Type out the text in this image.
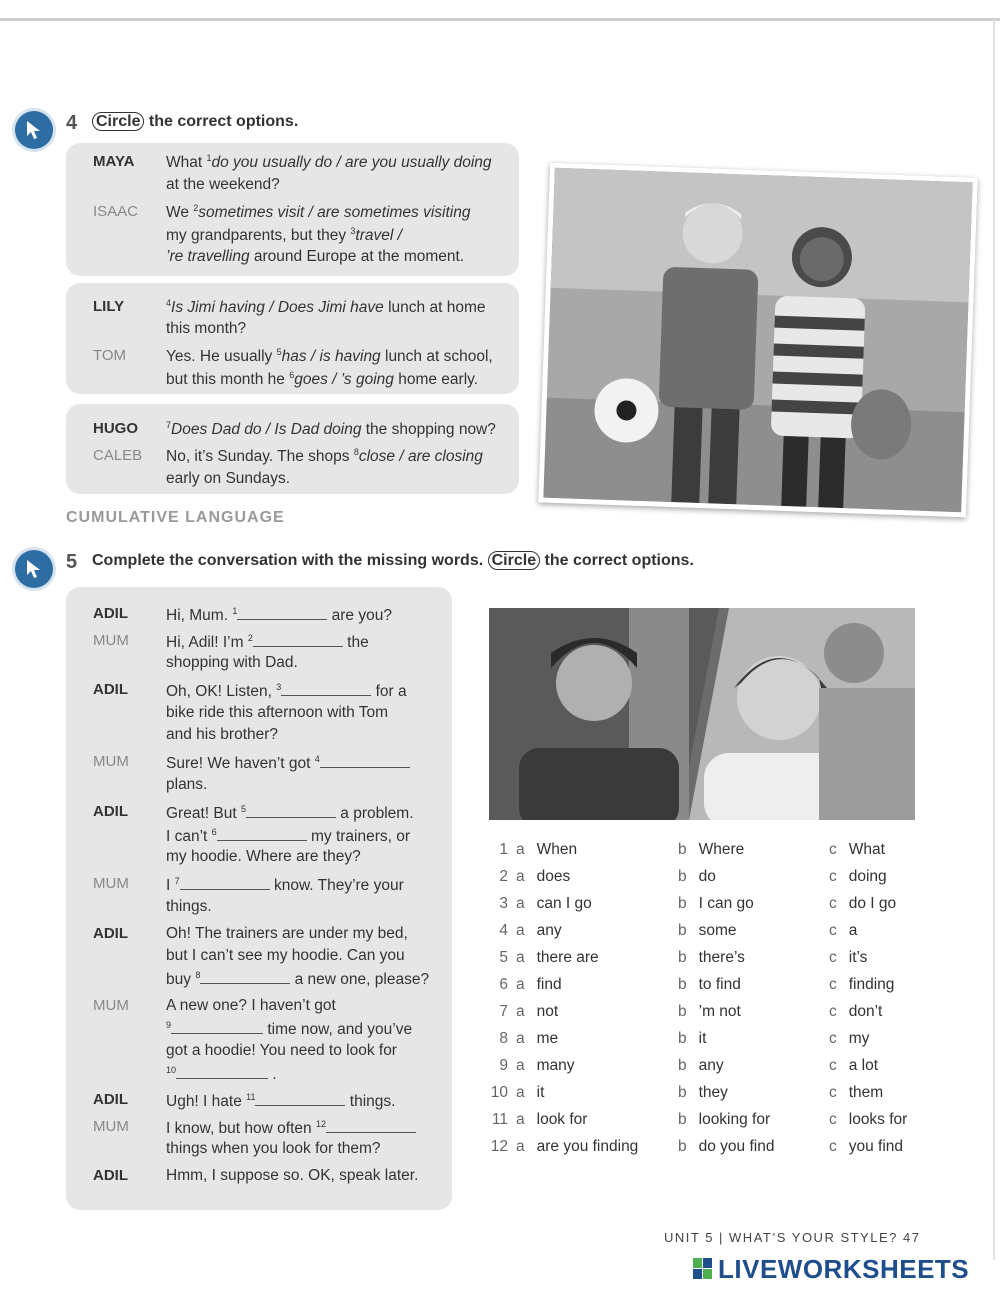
4 Circle the correct options.
MAYA What $^1$do you usually do / are you usually doing
at the weekend?
ISAAC We $^2$sometimes visit / are sometimes visiting
my grandparents, but they $^3$travel /
’re travelling around Europe at the moment.
LILY	$^4$Is Jimi having / Does Jimi have lunch at home
this month?
TOM	Yes. He usually $^5$has / is having lunch at school,
but this month he $^6$goes / ’s going home early.
HUGO	$^7$Does Dad do / Is Dad doing the shopping now?
CALEB No, it’s Sunday. The shops $^8$close / are closing
early on Sundays.
CUMULATIVE LANGUAGE
5 Complete the conversation with the missing words. Circle the correct options.
ADIL Hi, Mum. $^1$	are you?
MUM Hi, Adil! I’m $^2$	the
shopping with Dad.
ADIL Oh, OK! Listen, $^3$	for a
bike ride this afternoon with Tom
and his brother?
MUM Sure! We haven’t got $^4$
plans.
ADIL Great! But $^5$	a problem.
I can’t $^6$	my trainers, or
my hoodie. Where are they?
MUM I $^7$	know. They’re your
things.
ADIL Oh! The trainers are under my bed,
but I can’t see my hoodie. Can you
buy $^8$	a new one, please?
MUM A new one? I haven’t got
$^9$	time now, and you’ve
got a hoodie! You need to look for
$^{10}$	.
ADIL Ugh! I hate $^{11}$	things.
MUM I know, but how often $^{12}$
things when you look for them?
ADIL Hmm, I suppose so. OK, speak later.
1 a When	b Where	c What
2 a does	b do	c doing
3 a can I go	b I can go	c do I go
4 a any	b some	c a
5 a there are	b there’s	c it’s
6 a find	b to find	c finding
7 a not	b ’m not	c don’t
8 a me	b it	c my
9 a many	b any	c a lot
10 a it	b they	c them
11 a look for	b looking for	c looks for
12 a are you finding	b do you find	c you find
UNIT 5 | WHAT’S YOUR STYLE? 47
LIVEWORKSHEETS
